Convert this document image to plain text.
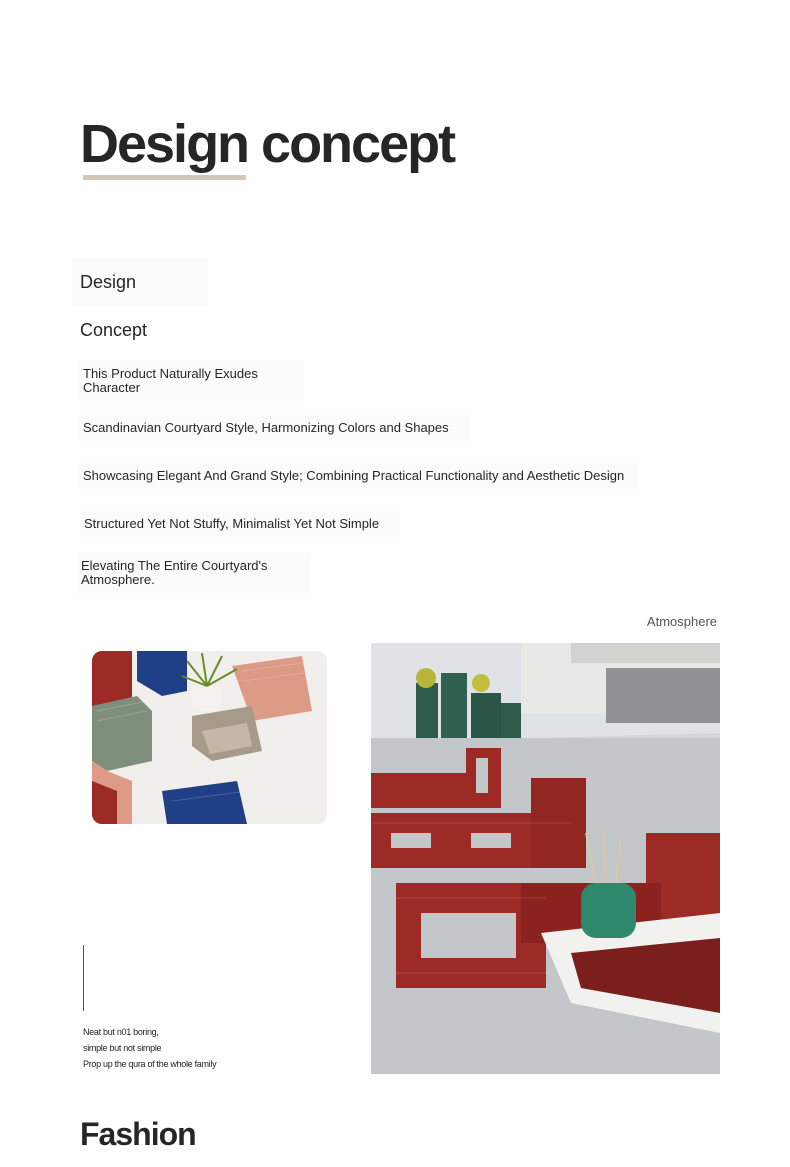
Design concept
Design Concept
This Product Naturally Exudes Character
Scandinavian Courtyard Style, Harmonizing Colors and Shapes
Showcasing Elegant And Grand Style; Combining Practical Functionality and Aesthetic Design
Structured Yet Not Stuffy, Minimalist Yet Not Simple
Elevating The Entire Courtyard's Atmosphere.
Atmosphere
Neat but n01 boring,
simple but not simple
Prop up the qura of the whole family
Fashion
